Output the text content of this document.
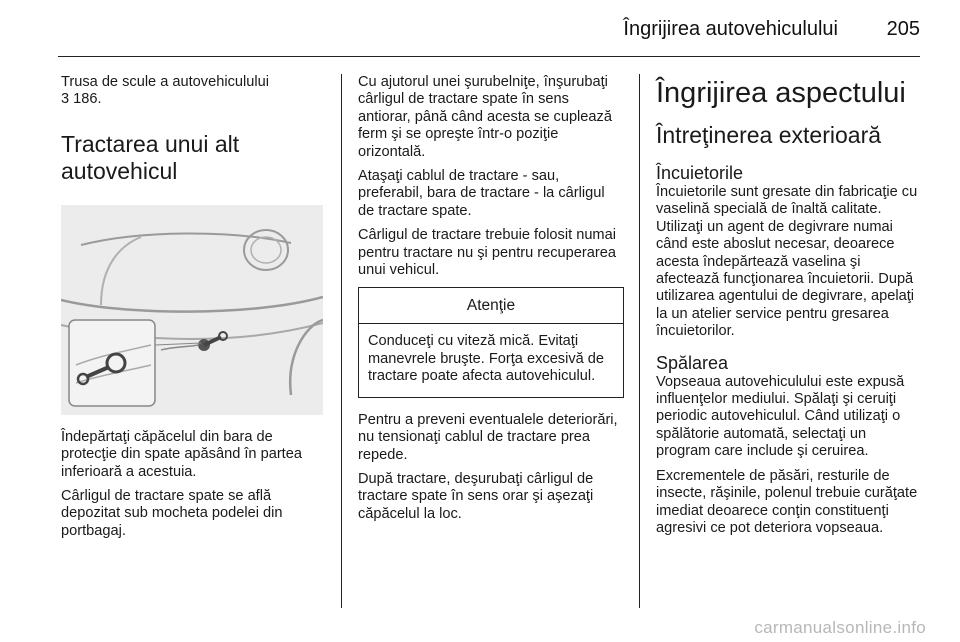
Îngrijirea autovehiculului 205

Trusa de scule a autovehiculului

3 186.

Tractarea unui alt autovehicul

Îndepărtaţi căpăcelul din bara de protecţie din spate apăsând în partea inferioară a acestuia.

Cârligul de tractare spate se află depozitat sub mocheta podelei din portbagaj.

Cu ajutorul unei şurubelniţe, înşurubaţi cârligul de tractare spate în sens antiorar, până când acesta se cuplează ferm şi se opreşte într-o poziţie orizontală.

Ataşaţi cablul de tractare - sau, preferabil, bara de tractare - la cârligul de tractare spate.

Cârligul de tractare trebuie folosit numai pentru tractare nu şi pentru recuperarea unui vehicul.

Atenţie

Conduceţi cu viteză mică. Evitaţi manevrele bruşte. Forţa excesivă de tractare poate afecta autovehiculul.

Pentru a preveni eventualele deteriorări, nu tensionaţi cablul de tractare prea repede.

După tractare, deşurubaţi cârligul de tractare spate în sens orar şi aşezaţi căpăcelul la loc.

Îngrijirea aspectului
Întreţinerea exterioară
Încuietorile

Încuietorile sunt gresate din fabricaţie cu vaselină specială de înaltă calitate. Utilizaţi un agent de degivrare numai când este aboslut necesar, deoarece acesta îndepărtează vaselina şi afectează funcţionarea încuietorii. După utilizarea agentului de degivrare, apelaţi la un atelier service pentru gresarea încuietorilor.

Spălarea

Vopseaua autovehiculului este expusă influenţelor mediului. Spălaţi şi ceruiţi periodic autovehiculul. Când utilizaţi o spălătorie automată, selectaţi un program care include şi ceruirea.

Excrementele de păsări, resturile de insecte, răşinile, polenul trebuie curăţate imediat deoarece conţin constituenţi agresivi ce pot deteriora vopseaua.

carmanualsonline.info
